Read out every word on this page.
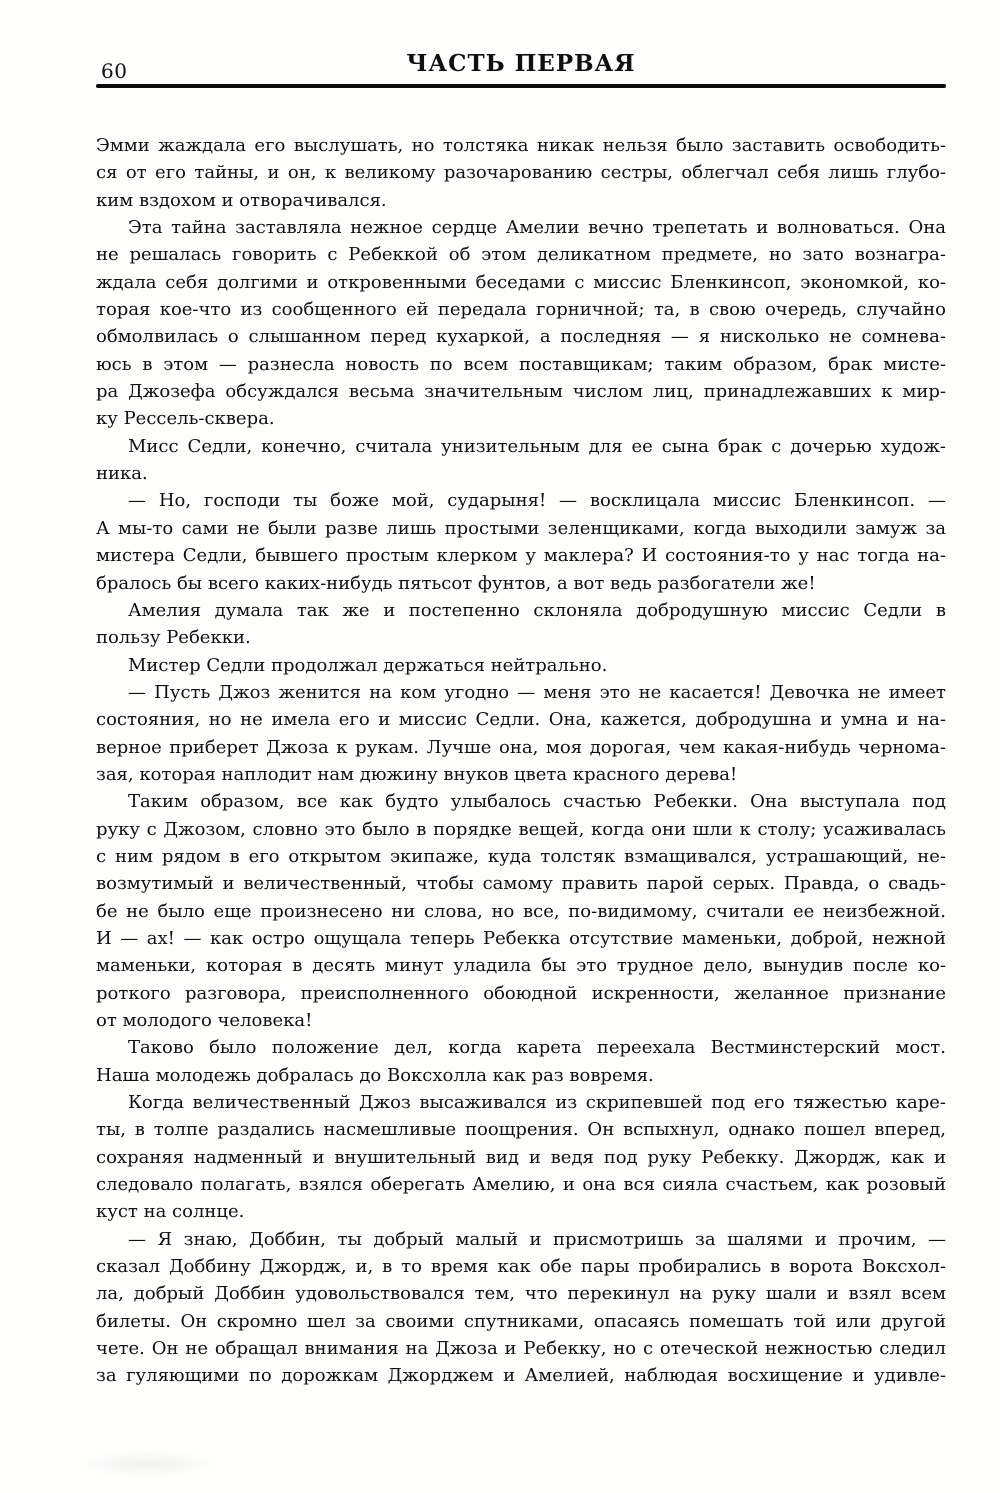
60	ЧАСТЬ ПЕРВАЯ
Эмми жаждала его выслушать, но толстяка никак нельзя было заставить освободить-
ся от его тайны, и он, к великому разочарованию сестры, облегчал себя лишь глубо-
ким вздохом и отворачивался.
Эта тайна заставляла нежное сердце Амелии вечно трепетать и волноваться. Она
не решалась говорить с Ребеккой об этом деликатном предмете, но зато вознагра-
ждала себя долгими и откровенными беседами с миссис Бленкинсоп, экономкой, ко-
торая кое-что из сообщенного ей передала горничной; та, в свою очередь, случайно
обмолвилась о слышанном перед кухаркой, а последняя — я нисколько не сомнева-
юсь в этом — разнесла новость по всем поставщикам; таким образом, брак мисте-
ра Джозефа обсуждался весьма значительным числом лиц, принадлежавших к мир-
ку Рессель-сквера.
Мисс Седли, конечно, считала унизительным для ее сына брак с дочерью худож-
ника.
— Но, господи ты боже мой, сударыня! — восклицала миссис Бленкинсоп. —
А мы-то сами не были разве лишь простыми зеленщиками, когда выходили замуж за
мистера Седли, бывшего простым клерком у маклера? И состояния-то у нас тогда на-
бралось бы всего каких-нибудь пятьсот фунтов, а вот ведь разбогатели же!
Амелия думала так же и постепенно склоняла добродушную миссис Седли в
пользу Ребекки.
Мистер Седли продолжал держаться нейтрально.
— Пусть Джоз женится на ком угодно — меня это не касается! Девочка не имеет
состояния, но не имела его и миссис Седли. Она, кажется, добродушна и умна и на-
верное приберет Джоза к рукам. Лучше она, моя дорогая, чем какая-нибудь чернома-
зая, которая наплодит нам дюжину внуков цвета красного дерева!
Таким образом, все как будто улыбалось счастью Ребекки. Она выступала под
руку с Джозом, словно это было в порядке вещей, когда они шли к столу; усаживалась
с ним рядом в его открытом экипаже, куда толстяк взмащивался, устрашающий, не-
возмутимый и величественный, чтобы самому править парой серых. Правда, о свадь-
бе не было еще произнесено ни слова, но все, по-видимому, считали ее неизбежной.
И — ах! — как остро ощущала теперь Ребекка отсутствие маменьки, доброй, нежной
маменьки, которая в десять минут уладила бы это трудное дело, вынудив после ко-
роткого разговора, преисполненного обоюдной искренности, желанное признание
от молодого человека!
Таково было положение дел, когда карета переехала Вестминстерский мост.
Наша молодежь добралась до Воксхолла как раз вовремя.
Когда величественный Джоз высаживался из скрипевшей под его тяжестью каре-
ты, в толпе раздались насмешливые поощрения. Он вспыхнул, однако пошел вперед,
сохраняя надменный и внушительный вид и ведя под руку Ребекку. Джордж, как и
следовало полагать, взялся оберегать Амелию, и она вся сияла счастьем, как розовый
куст на солнце.
— Я знаю, Доббин, ты добрый малый и присмотришь за шалями и прочим, —
сказал Доббину Джордж, и, в то время как обе пары пробирались в ворота Воксхол-
ла, добрый Доббин удовольствовался тем, что перекинул на руку шали и взял всем
билеты. Он скромно шел за своими спутниками, опасаясь помешать той или другой
чете. Он не обращал внимания на Джоза и Ребекку, но с отеческой нежностью следил
за гуляющими по дорожкам Джорджем и Амелией, наблюдая восхищение и удивле-
